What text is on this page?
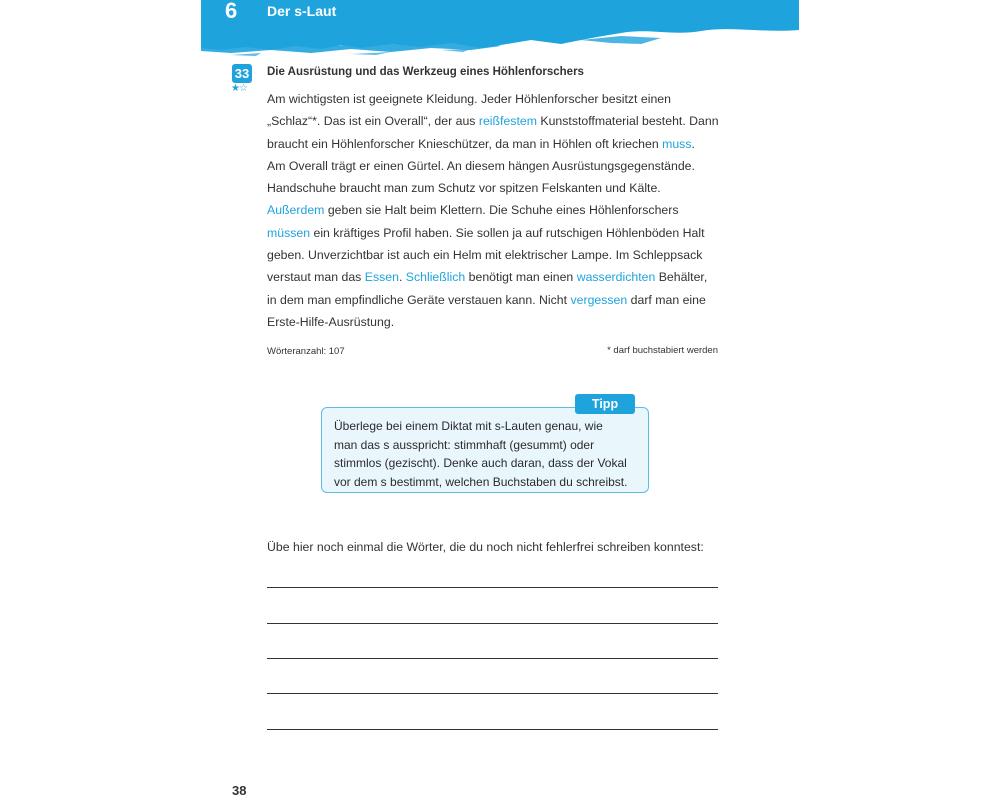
6 Der s-Laut
33
★☆
Die Ausrüstung und das Werkzeug eines Höhlenforschers
Am wichtigsten ist geeignete Kleidung. Jeder Höhlenforscher besitzt einen
„Schlaz“*. Das ist ein Overall“, der aus reißfestem Kunststoffmaterial besteht. Dann
braucht ein Höhlenforscher Knieschützer, da man in Höhlen oft kriechen muss.
Am Overall trägt er einen Gürtel. An diesem hängen Ausrüstungsgegenstände.
Handschuhe braucht man zum Schutz vor spitzen Felskanten und Kälte.
Außerdem geben sie Halt beim Klettern. Die Schuhe eines Höhlenforschers
müssen ein kräftiges Profil haben. Sie sollen ja auf rutschigen Höhlenböden Halt
geben. Unverzichtbar ist auch ein Helm mit elektrischer Lampe. Im Schleppsack
verstaut man das Essen. Schließlich benötigt man einen wasserdichten Behälter,
in dem man empfindliche Geräte verstauen kann. Nicht vergessen darf man eine
Erste-Hilfe-Ausrüstung.
Wörteranzahl: 107	* darf buchstabiert werden
Überlege bei einem Diktat mit s-Lauten genau, wie
man das s ausspricht: stimmhaft (gesummt) oder
stimmlos (gezischt). Denke auch daran, dass der Vokal
vor dem s bestimmt, welchen Buchstaben du schreibst.
Tipp
Übe hier noch einmal die Wörter, die du noch nicht fehlerfrei schreiben konntest:
38
